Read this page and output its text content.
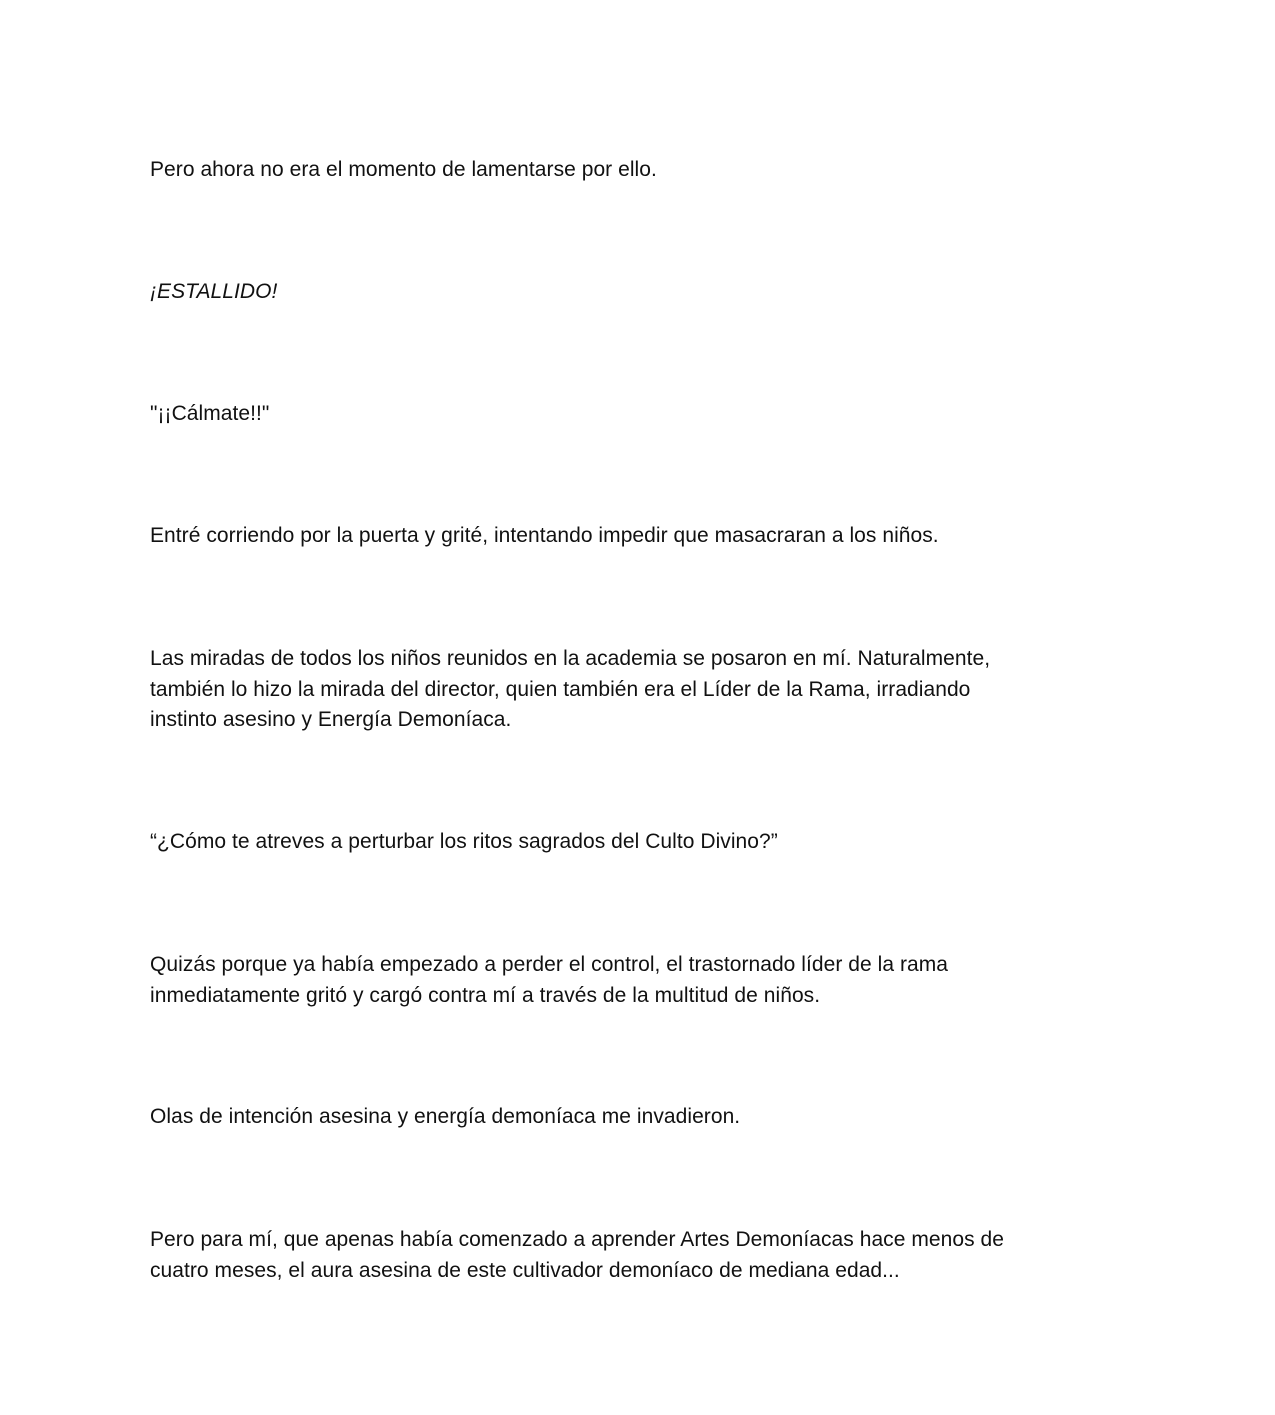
Pero ahora no era el momento de lamentarse por ello.

¡ESTALLIDO!

"¡¡Cálmate!!"

Entré corriendo por la puerta y grité, intentando impedir que masacraran a los niños.

Las miradas de todos los niños reunidos en la academia se posaron en mí. Naturalmente,
también lo hizo la mirada del director, quien también era el Líder de la Rama, irradiando
instinto asesino y Energía Demoníaca.

“¿Cómo te atreves a perturbar los ritos sagrados del Culto Divino?”

Quizás porque ya había empezado a perder el control, el trastornado líder de la rama
inmediatamente gritó y cargó contra mí a través de la multitud de niños.

Olas de intención asesina y energía demoníaca me invadieron.

Pero para mí, que apenas había comenzado a aprender Artes Demoníacas hace menos de
cuatro meses, el aura asesina de este cultivador demoníaco de mediana edad...
